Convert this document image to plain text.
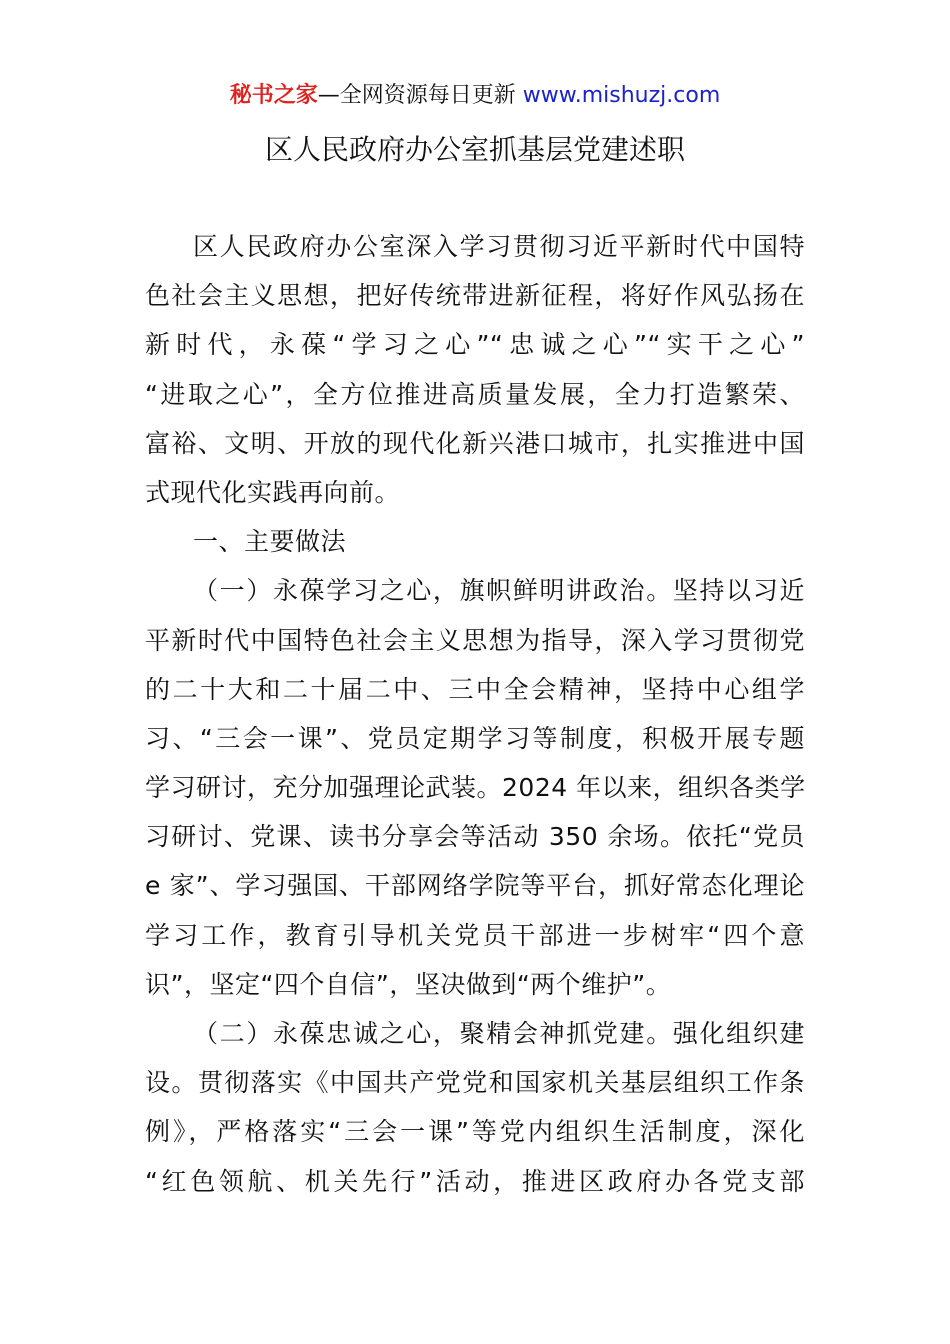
秘书之家—全网资源每日更新 www.mishuzj.com
区人民政府办公室抓基层党建述职
区人民政府办公室深入学习贯彻习近平新时代中国特
色社会主义思想，把好传统带进新征程，将好作风弘扬在
新时代，永葆“学习之心”“忠诚之心”“实干之心”
“进取之心”，全方位推进高质量发展，全力打造繁荣、
富裕、文明、开放的现代化新兴港口城市，扎实推进中国
式现代化实践再向前。
一、主要做法
（一）永葆学习之心，旗帜鲜明讲政治。坚持以习近
平新时代中国特色社会主义思想为指导，深入学习贯彻党
的二十大和二十届二中、三中全会精神，坚持中心组学
习、“三会一课”、党员定期学习等制度，积极开展专题
学习研讨，充分加强理论武装。2024 年以来，组织各类学
习研讨、党课、读书分享会等活动 350 余场。依托“党员
e 家”、学习强国、干部网络学院等平台，抓好常态化理论
学习工作，教育引导机关党员干部进一步树牢“四个意
识”，坚定“四个自信”，坚决做到“两个维护”。
（二）永葆忠诚之心，聚精会神抓党建。强化组织建
设。贯彻落实《中国共产党党和国家机关基层组织工作条
例》，严格落实“三会一课”等党内组织生活制度，深化
“红色领航、机关先行”活动，推进区政府办各党支部
